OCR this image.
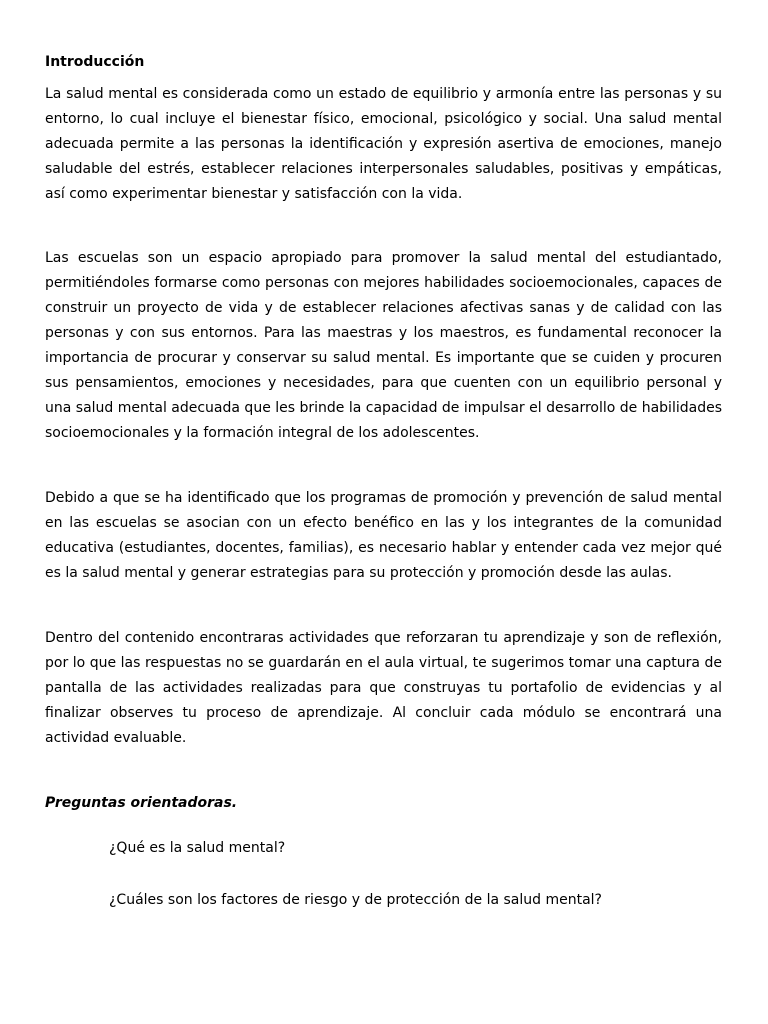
Introducción

La salud mental es considerada como un estado de equilibrio y armonía entre las personas y su entorno, lo cual incluye el bienestar físico, emocional, psicológico y social. Una salud mental adecuada permite a las personas la identificación y expresión asertiva de emociones, manejo saludable del estrés, establecer relaciones interpersonales saludables, positivas y empáticas, así como experimentar bienestar y satisfacción con la vida.

Las escuelas son un espacio apropiado para promover la salud mental del estudiantado, permitiéndoles formarse como personas con mejores habilidades socioemocionales, capaces de construir un proyecto de vida y de establecer relaciones afectivas sanas y de calidad con las personas y con sus entornos. Para las maestras y los maestros, es fundamental reconocer la importancia de procurar y conservar su salud mental. Es importante que se cuiden y procuren sus pensamientos, emociones y necesidades, para que cuenten con un equilibrio personal y una salud mental adecuada que les brinde la capacidad de impulsar el desarrollo de habilidades socioemocionales y la formación integral de los adolescentes.

Debido a que se ha identificado que los programas de promoción y prevención de salud mental en las escuelas se asocian con un efecto benéfico en las y los integrantes de la comunidad educativa (estudiantes, docentes, familias), es necesario hablar y entender cada vez mejor qué es la salud mental y generar estrategias para su protección y promoción desde las aulas.

Dentro del contenido encontraras actividades que reforzaran tu aprendizaje y son de reflexión, por lo que las respuestas no se guardarán en el aula virtual, te sugerimos tomar una captura de pantalla de las actividades realizadas para que construyas tu portafolio de evidencias y al finalizar observes tu proceso de aprendizaje. Al concluir cada módulo se encontrará una actividad evaluable.

Preguntas orientadoras.
¿Qué es la salud mental?
¿Cuáles son los factores de riesgo y de protección de la salud mental?
